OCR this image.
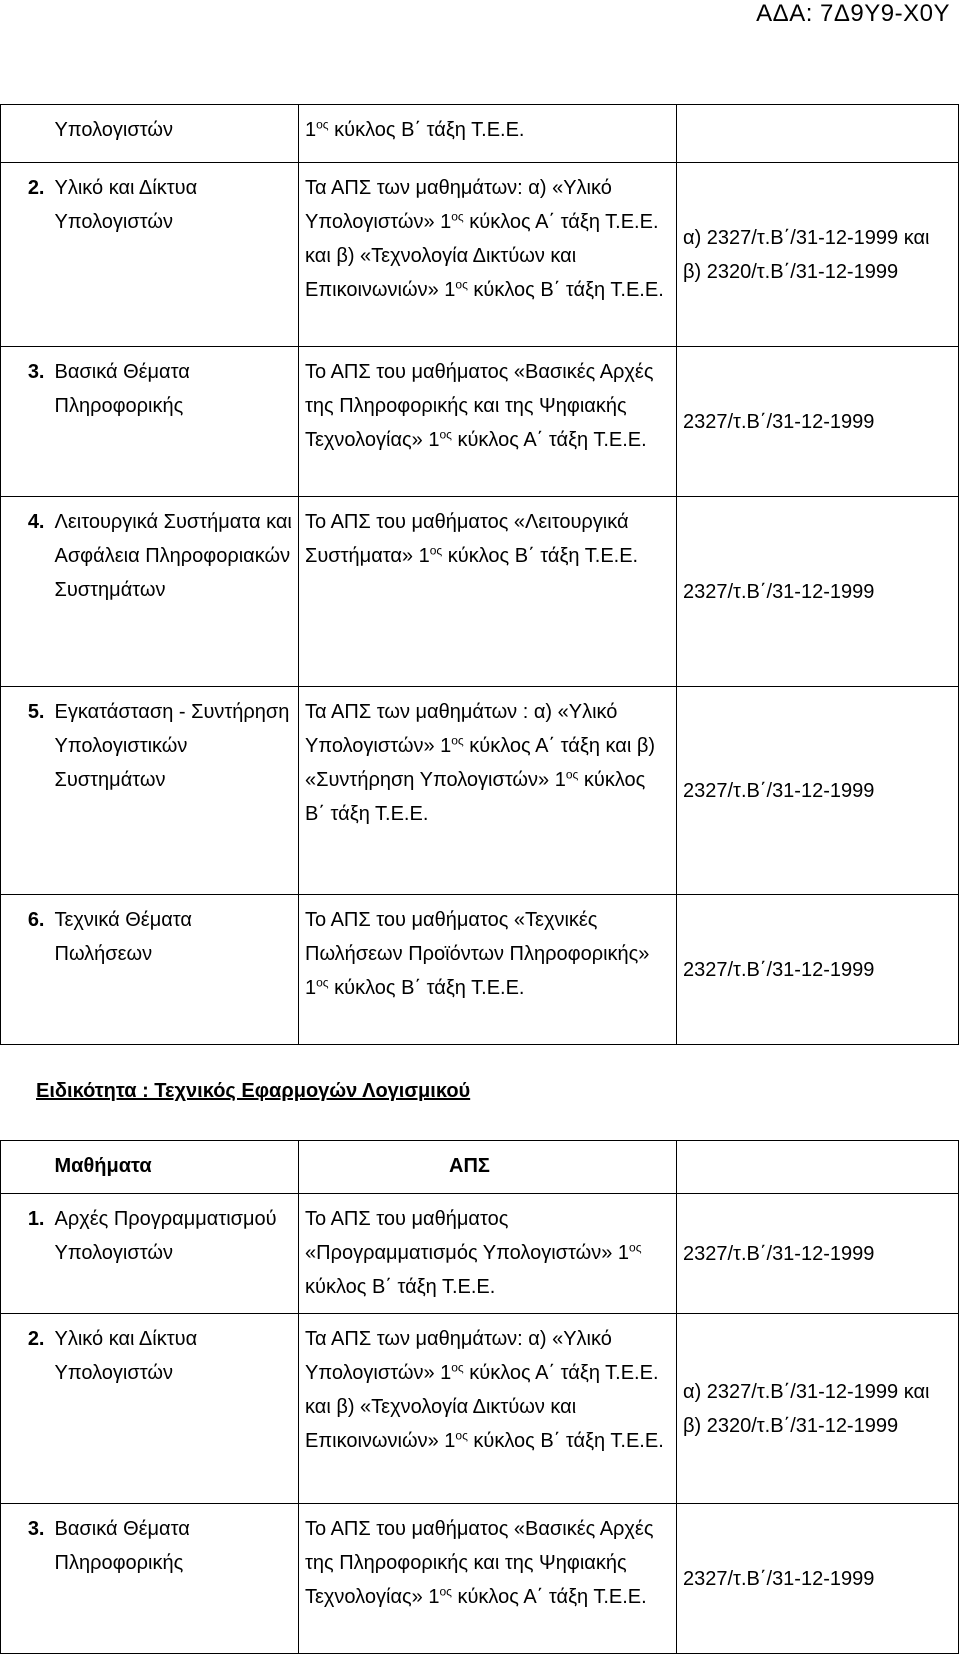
ΑΔΑ: 7Δ9Υ9-Χ0Υ
	Υπολογιστών	$1^{o\varsigma}$ κύκλος Β΄ τάξη Τ.Ε.Ε.	
2.	Υλικό και Δίκτυα Υπολογιστών	Τα ΑΠΣ των μαθημάτων: α) «Υλικό Υπολογιστών» $1^{o\varsigma}$ κύκλος Α΄ τάξη Τ.Ε.Ε. και β) «Τεχνολογία Δικτύων και Επικοινωνιών» $1^{o\varsigma}$ κύκλος Β΄ τάξη Τ.Ε.Ε.	α) 2327/τ.Β΄/31-12-1999 και β) 2320/τ.Β΄/31-12-1999
3.	Βασικά Θέματα Πληροφορικής	Το ΑΠΣ του μαθήματος «Βασικές Αρχές της Πληροφορικής και της Ψηφιακής Τεχνολογίας» $1^{o\varsigma}$ κύκλος Α΄ τάξη Τ.Ε.Ε.	2327/τ.Β΄/31-12-1999
4.	Λειτουργικά Συστήματα και Ασφάλεια Πληροφοριακών Συστημάτων	Το ΑΠΣ του μαθήματος «Λειτουργικά Συστήματα» $1^{o\varsigma}$ κύκλος Β΄ τάξη Τ.Ε.Ε.	2327/τ.Β΄/31-12-1999
5.	Εγκατάσταση - Συντήρηση Υπολογιστικών Συστημάτων	Τα ΑΠΣ των μαθημάτων : α) «Υλικό Υπολογιστών» $1^{o\varsigma}$ κύκλος Α΄ τάξη και β) «Συντήρηση Υπολογιστών» $1^{o\varsigma}$ κύκλος Β΄ τάξη Τ.Ε.Ε.	2327/τ.Β΄/31-12-1999
6.	Τεχνικά Θέματα Πωλήσεων	Το ΑΠΣ του μαθήματος «Τεχνικές Πωλήσεων Προϊόντων Πληροφορικής» $1^{o\varsigma}$ κύκλος Β΄ τάξη Τ.Ε.Ε.	2327/τ.Β΄/31-12-1999
Ειδικότητα : Τεχνικός Εφαρμογών Λογισμικού
	Μαθήματα	ΑΠΣ	
1.	Αρχές Προγραμματισμού Υπολογιστών	Το ΑΠΣ του μαθήματος «Προγραμματισμός Υπολογιστών» $1^{o\varsigma}$ κύκλος Β΄ τάξη Τ.Ε.Ε.	2327/τ.Β΄/31-12-1999
2.	Υλικό και Δίκτυα Υπολογιστών	Τα ΑΠΣ των μαθημάτων: α) «Υλικό Υπολογιστών» $1^{o\varsigma}$ κύκλος Α΄ τάξη Τ.Ε.Ε. και β) «Τεχνολογία Δικτύων και Επικοινωνιών» $1^{o\varsigma}$ κύκλος Β΄ τάξη Τ.Ε.Ε.	α) 2327/τ.Β΄/31-12-1999 και β) 2320/τ.Β΄/31-12-1999
3.	Βασικά Θέματα Πληροφορικής	Το ΑΠΣ του μαθήματος «Βασικές Αρχές της Πληροφορικής και της Ψηφιακής Τεχνολογίας» $1^{o\varsigma}$ κύκλος Α΄ τάξη Τ.Ε.Ε.	2327/τ.Β΄/31-12-1999
